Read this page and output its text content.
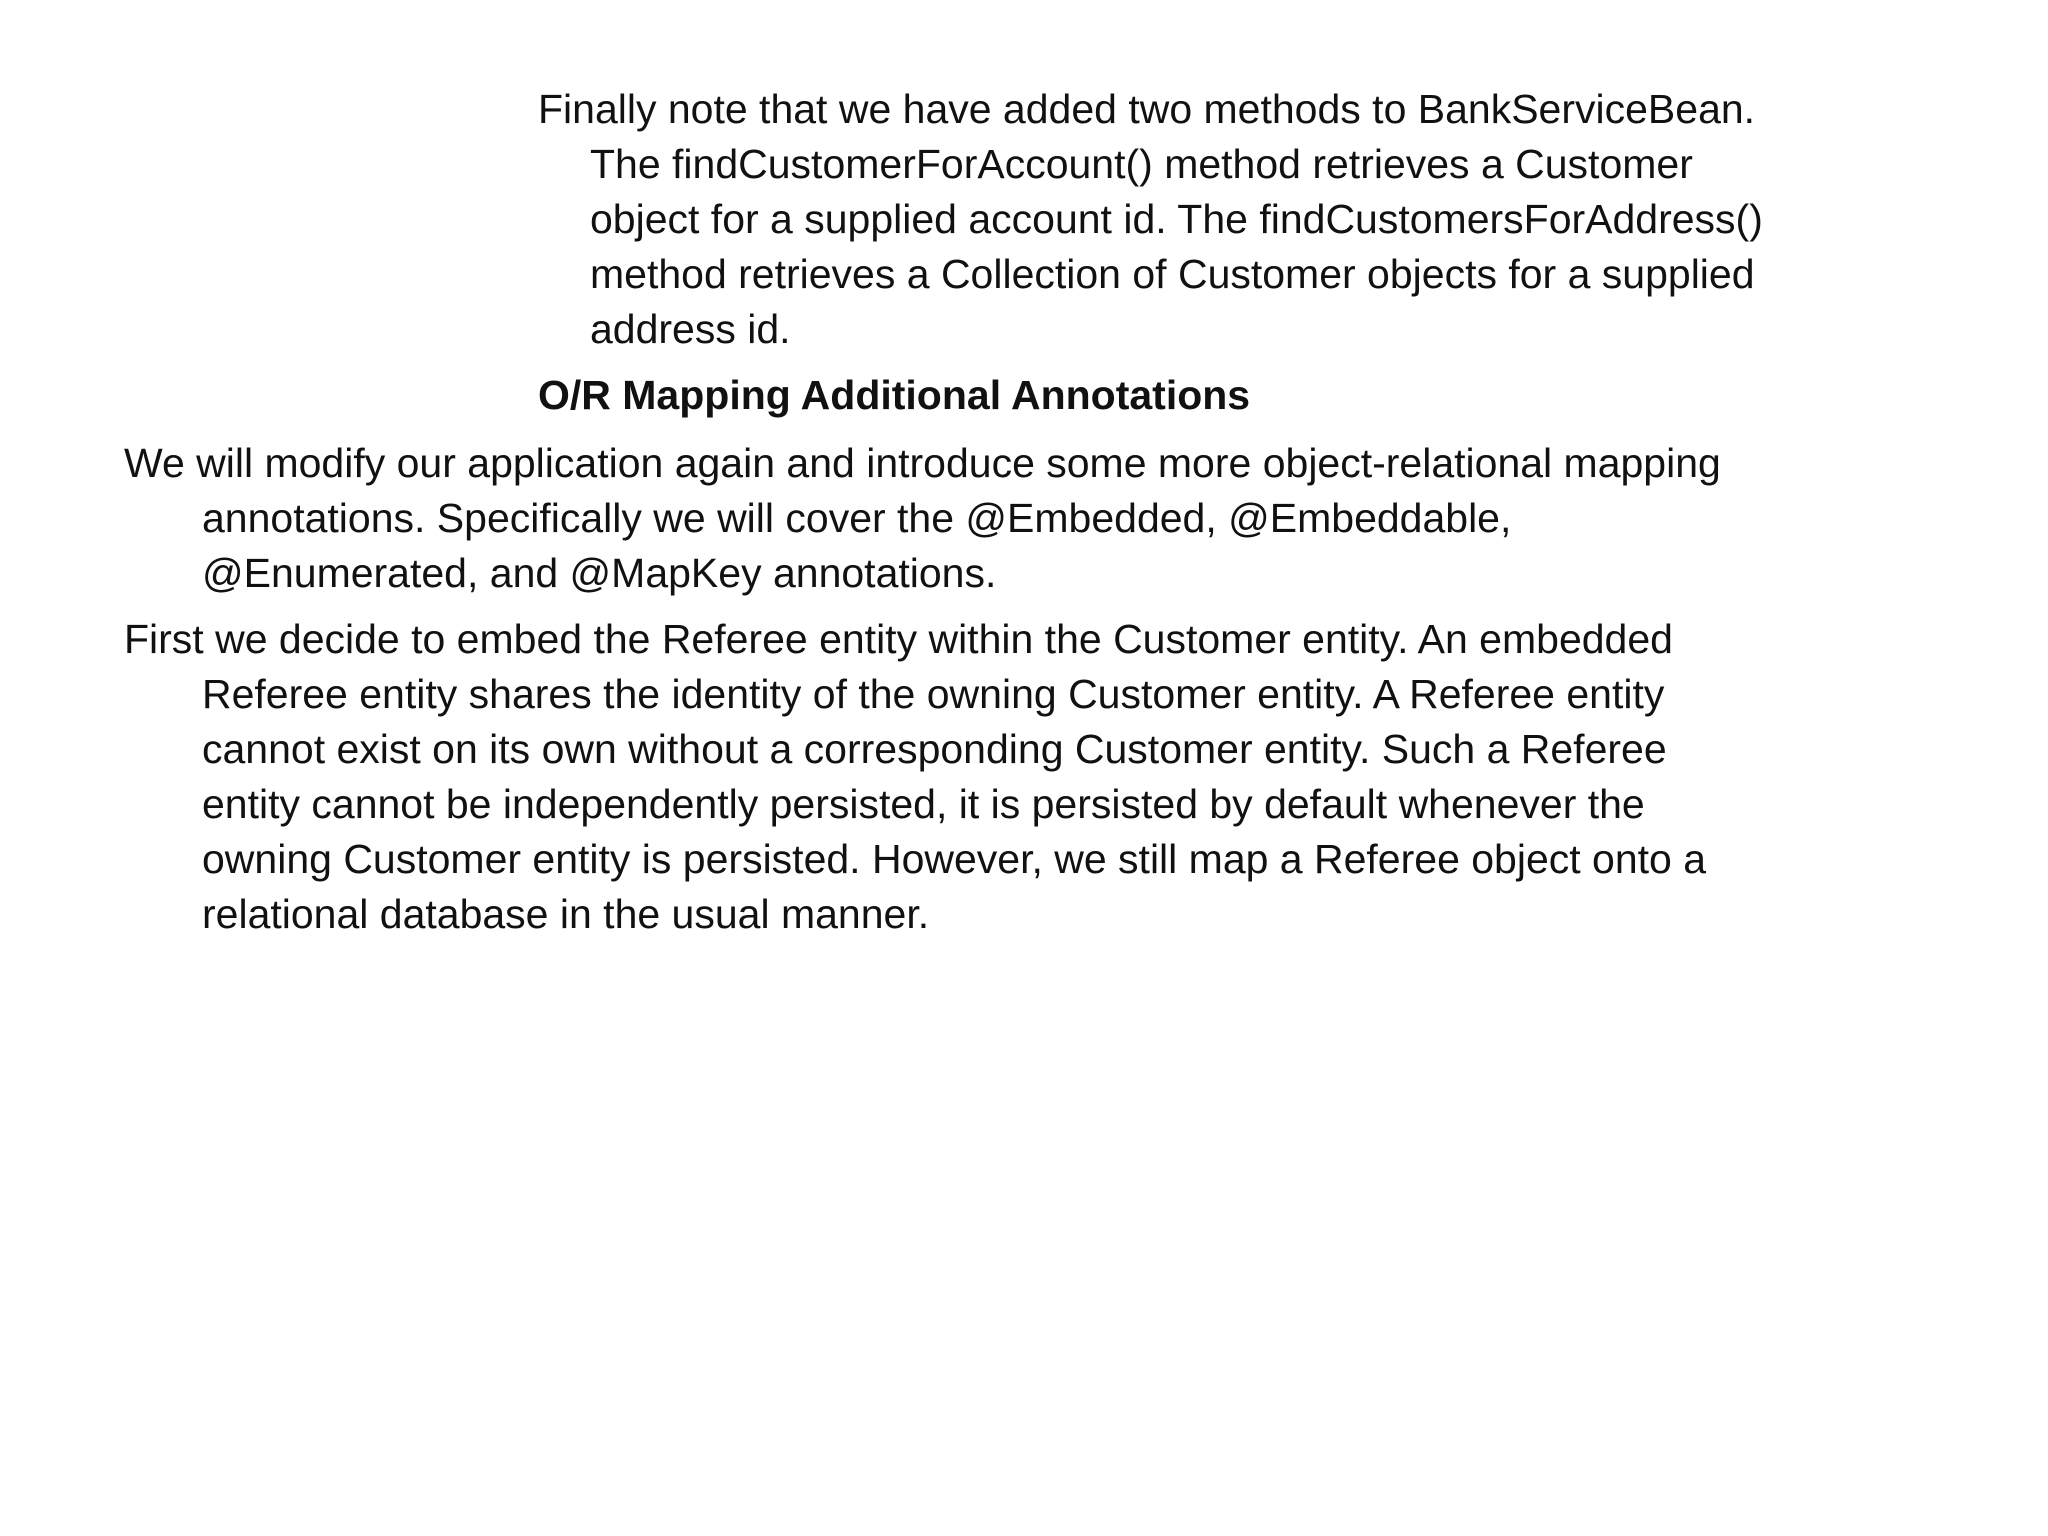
Finally note that we have added two methods to BankServiceBean.
The findCustomerForAccount() method retrieves a Customer
object for a supplied account id. The findCustomersForAddress()
method retrieves a Collection of Customer objects for a supplied
address id.

O/R Mapping Additional Annotations

We will modify our application again and introduce some more object-relational mapping
annotations. Specifically we will cover the @Embedded, @Embeddable,
@Enumerated, and @MapKey annotations.

First we decide to embed the Referee entity within the Customer entity. An embedded
Referee entity shares the identity of the owning Customer entity. A Referee entity
cannot exist on its own without a corresponding Customer entity. Such a Referee
entity cannot be independently persisted, it is persisted by default whenever the
owning Customer entity is persisted. However, we still map a Referee object onto a
relational database in the usual manner.
